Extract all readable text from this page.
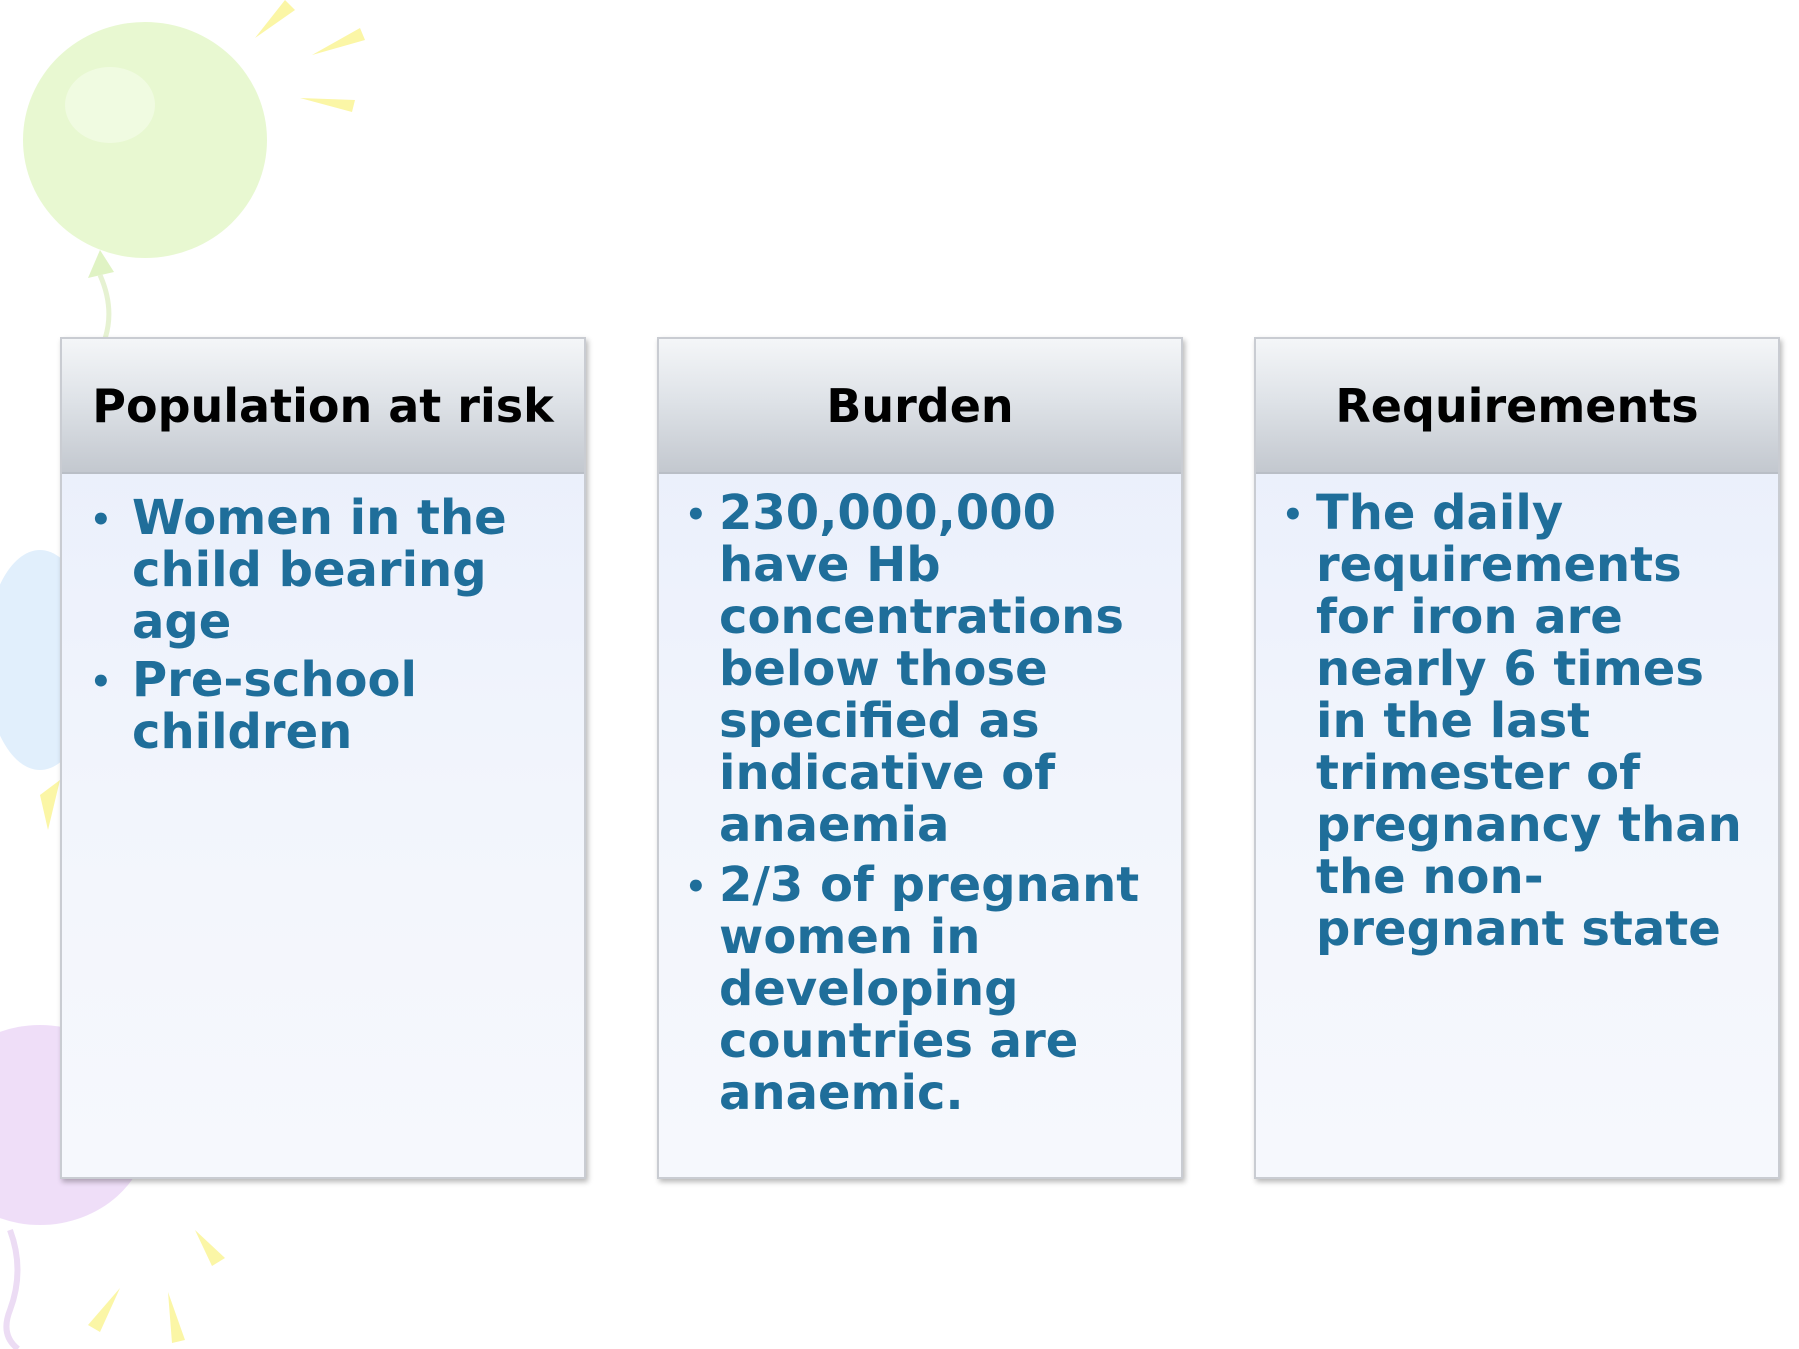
Population at risk
• Women in the child bearing age
• Pre-school children
Burden
• 230,000,000 have Hb concentrations below those specified as indicative of anaemia
• 2/3 of pregnant women in developing countries are anaemic.
Requirements
• The daily requirements for iron are nearly 6 times in the last trimester of pregnancy than the non-pregnant state
